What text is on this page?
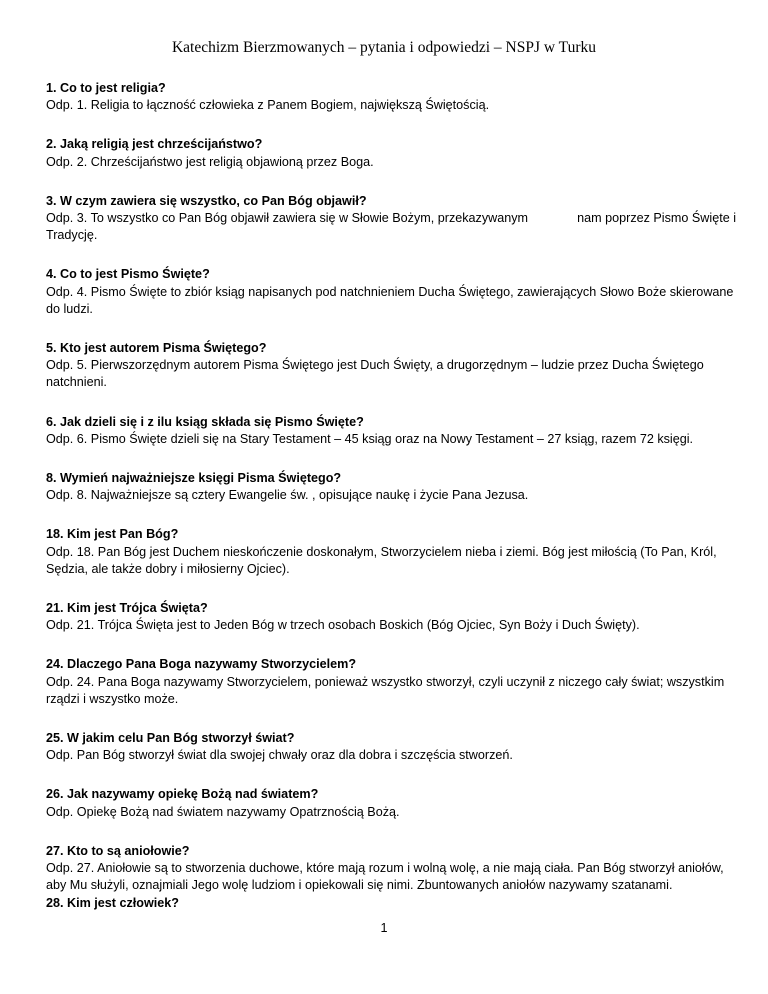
Katechizm Bierzmowanych – pytania i odpowiedzi – NSPJ w Turku
1. Co to jest religia?
Odp. 1. Religia to łączność człowieka z Panem Bogiem, największą Świętością.
2. Jaką religią jest chrześcijaństwo?
Odp. 2. Chrześcijaństwo jest religią objawioną przez Boga.
3. W czym zawiera się wszystko, co Pan Bóg objawił?
Odp. 3. To wszystko co Pan Bóg objawił zawiera się w Słowie Bożym, przekazywanym	nam poprzez Pismo Święte i
Tradycję.
4. Co to jest Pismo Święte?
Odp. 4. Pismo Święte to zbiór ksiąg napisanych pod natchnieniem Ducha Świętego, zawierających Słowo Boże skierowane do ludzi.
5. Kto jest autorem Pisma Świętego?
Odp. 5. Pierwszorzędnym autorem Pisma Świętego jest Duch Święty, a drugorzędnym – ludzie przez Ducha Świętego natchnieni.
6. Jak dzieli się i z ilu ksiąg składa się Pismo Święte?
Odp. 6. Pismo Święte dzieli się na Stary Testament – 45 ksiąg oraz na Nowy Testament – 27 ksiąg, razem 72 księgi.
8. Wymień najważniejsze księgi Pisma Świętego?
Odp. 8. Najważniejsze są cztery Ewangelie św. , opisujące naukę i życie Pana Jezusa.
18. Kim jest Pan Bóg?
Odp. 18. Pan Bóg jest Duchem nieskończenie doskonałym, Stworzycielem nieba i ziemi. Bóg jest miłością (To Pan, Król, Sędzia, ale także dobry i miłosierny Ojciec).
21. Kim jest Trójca Święta?
Odp. 21. Trójca Święta jest to Jeden Bóg w trzech osobach Boskich (Bóg Ojciec, Syn Boży i Duch Święty).
24. Dlaczego Pana Boga nazywamy Stworzycielem?
Odp. 24. Pana Boga nazywamy Stworzycielem, ponieważ wszystko stworzył, czyli uczynił z niczego cały świat; wszystkim rządzi i wszystko może.
25. W jakim celu Pan Bóg stworzył świat?
Odp. Pan Bóg stworzył świat dla swojej chwały oraz dla dobra i szczęścia stworzeń.
26. Jak nazywamy opiekę Bożą nad światem?
Odp. Opiekę Bożą nad światem nazywamy Opatrznością Bożą.
27. Kto to są aniołowie?
Odp. 27. Aniołowie są to stworzenia duchowe, które mają rozum i wolną wolę, a nie mają ciała. Pan Bóg stworzył aniołów, aby Mu służyli, oznajmiali Jego wolę ludziom i opiekowali się nimi. Zbuntowanych aniołów nazywamy szatanami.
28. Kim jest człowiek?
1
